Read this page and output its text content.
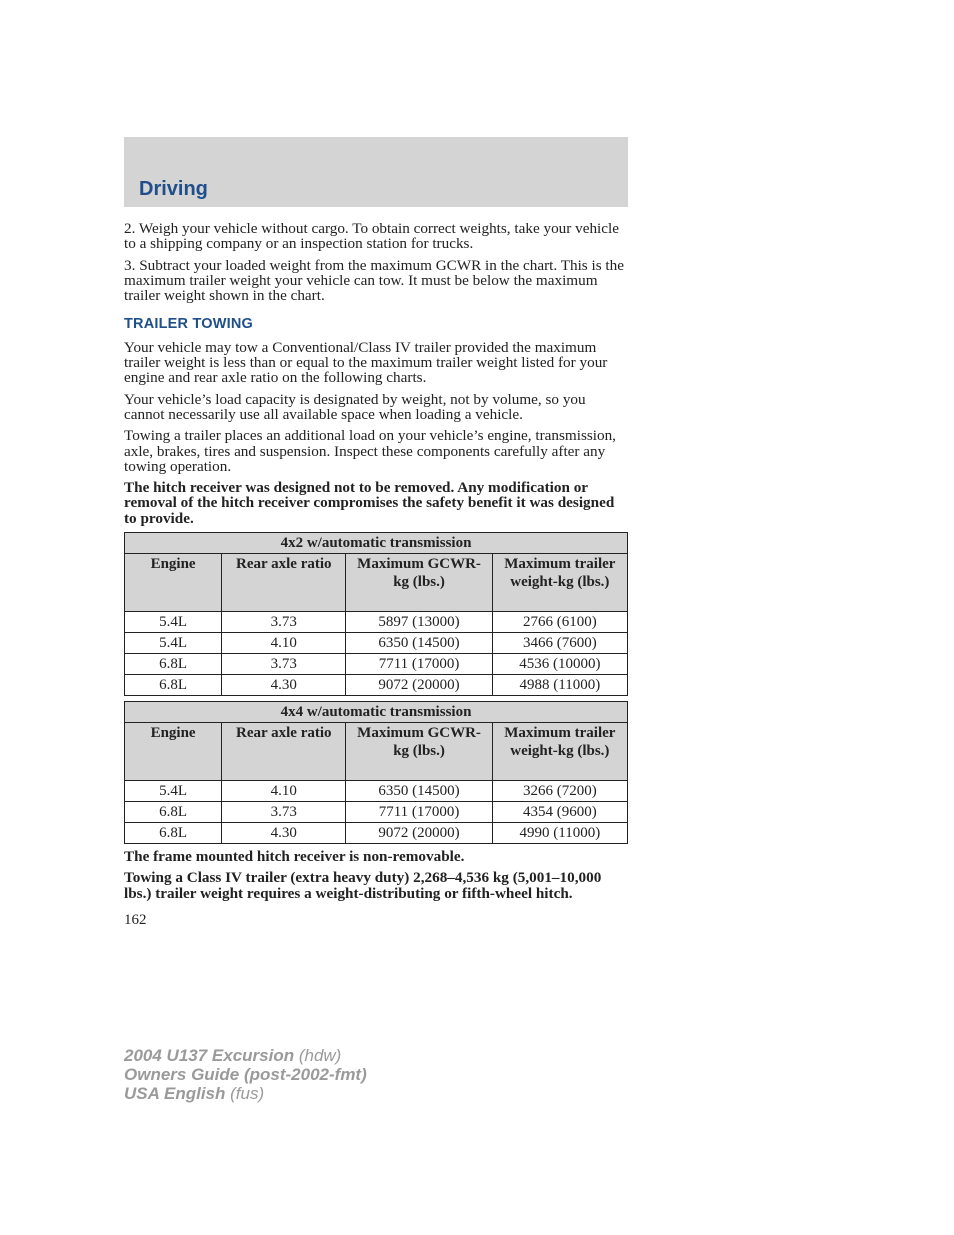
Driving

2. Weigh your vehicle without cargo. To obtain correct weights, take your vehicle to a shipping company or an inspection station for trucks.

3. Subtract your loaded weight from the maximum GCWR in the chart. This is the maximum trailer weight your vehicle can tow. It must be below the maximum trailer weight shown in the chart.

TRAILER TOWING

Your vehicle may tow a Conventional/Class IV trailer provided the maximum trailer weight is less than or equal to the maximum trailer weight listed for your engine and rear axle ratio on the following charts.

Your vehicle’s load capacity is designated by weight, not by volume, so you cannot necessarily use all available space when loading a vehicle.

Towing a trailer places an additional load on your vehicle’s engine, transmission, axle, brakes, tires and suspension. Inspect these components carefully after any towing operation.

The hitch receiver was designed not to be removed. Any modification or removal of the hitch receiver compromises the safety benefit it was designed to provide.

4x2 w/automatic transmission			
Engine	Rear axle ratio	Maximum GCWR-kg (lbs.)	Maximum trailer weight-kg (lbs.)
5.4L	3.73	5897 (13000)	2766 (6100)
5.4L	4.10	6350 (14500)	3466 (7600)
6.8L	3.73	7711 (17000)	4536 (10000)
6.8L	4.30	9072 (20000)	4988 (11000)
4x4 w/automatic transmission			
Engine	Rear axle ratio	Maximum GCWR-kg (lbs.)	Maximum trailer weight-kg (lbs.)
5.4L	4.10	6350 (14500)	3266 (7200)
6.8L	3.73	7711 (17000)	4354 (9600)
6.8L	4.30	9072 (20000)	4990 (11000)

The frame mounted hitch receiver is non-removable.

Towing a Class IV trailer (extra heavy duty) 2,268–4,536 kg (5,001–10,000 lbs.) trailer weight requires a weight-distributing or fifth-wheel hitch.

162
2004 U137 Excursion (hdw)
Owners Guide (post-2002-fmt)
USA English (fus)
